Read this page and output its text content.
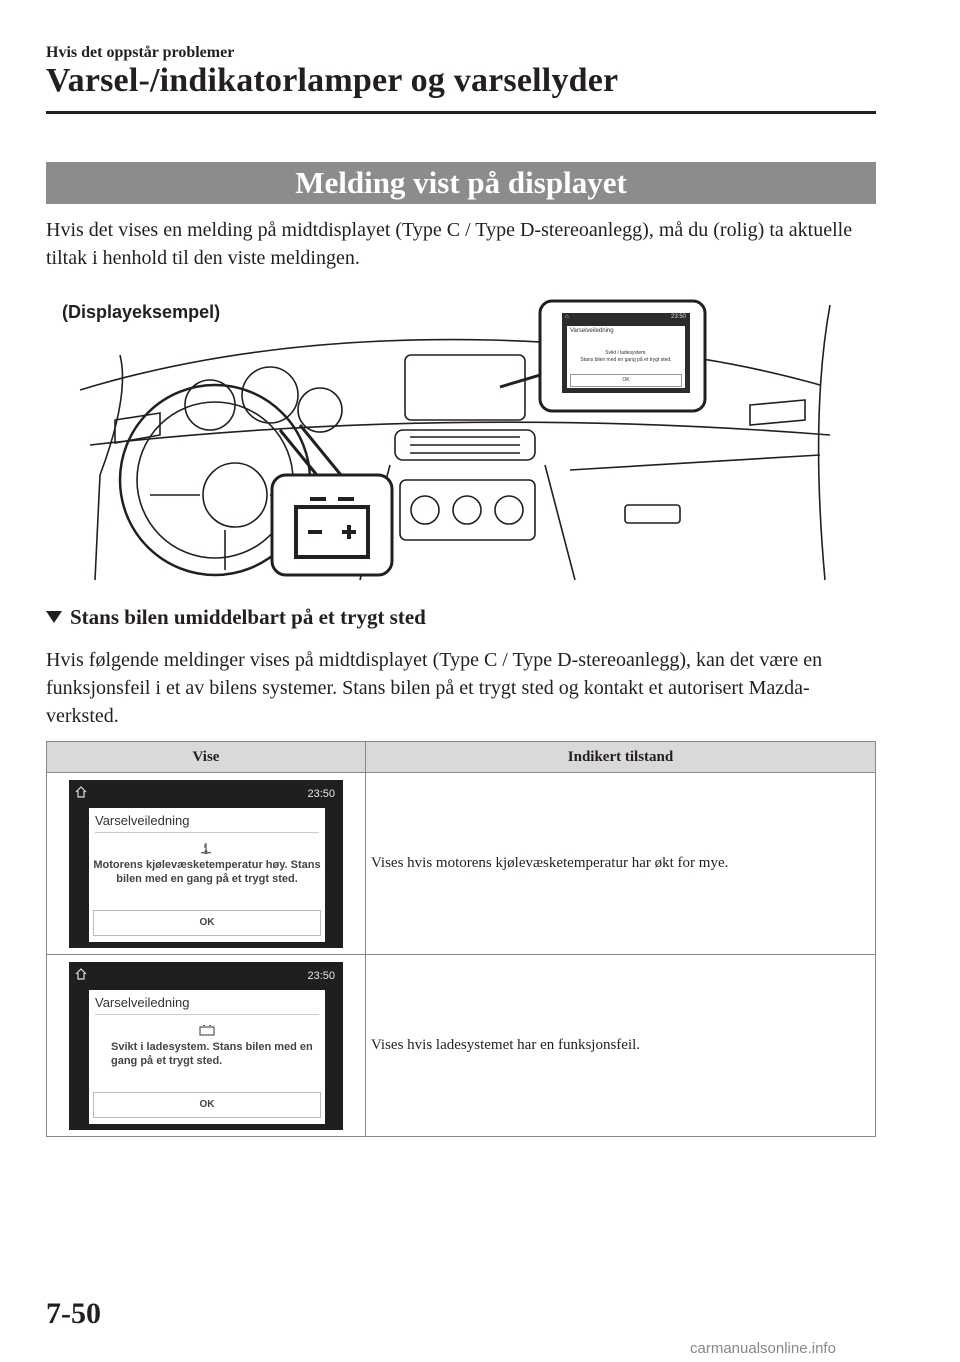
Hvis det oppstår problemer
Varsel-/indikatorlamper og varsellyder
Melding vist på displayet
Hvis det vises en melding på midtdisplayet (Type C / Type D-stereoanlegg), må du (rolig) ta aktuelle tiltak i henhold til den viste meldingen.
(Displayeksempel)	⌂	23:50
Varselveiledning
Svikt i ladesystem.
Stans bilen med en gang på et trygt sted.
OK
Stans bilen umiddelbart på et trygt sted
Hvis følgende meldinger vises på midtdisplayet (Type C / Type D-stereoanlegg), kan det være en funksjonsfeil i et av bilens systemer. Stans bilen på et trygt sted og kontakt et autorisert Mazda-verksted.
Vise	Indikert tilstand

23:50
Varselveiledning
Motorens kjølevæsketemperatur høy. Stans bilen med en gang på et trygt sted.
OK	Vises hvis motorens kjølevæsketemperatur har økt for mye.

23:50
Varselveiledning
Svikt i ladesystem. Stans bilen med en gang på et trygt sted.
OK	Vises hvis ladesystemet har en funksjonsfeil.
7-50
carmanualsonline.info
